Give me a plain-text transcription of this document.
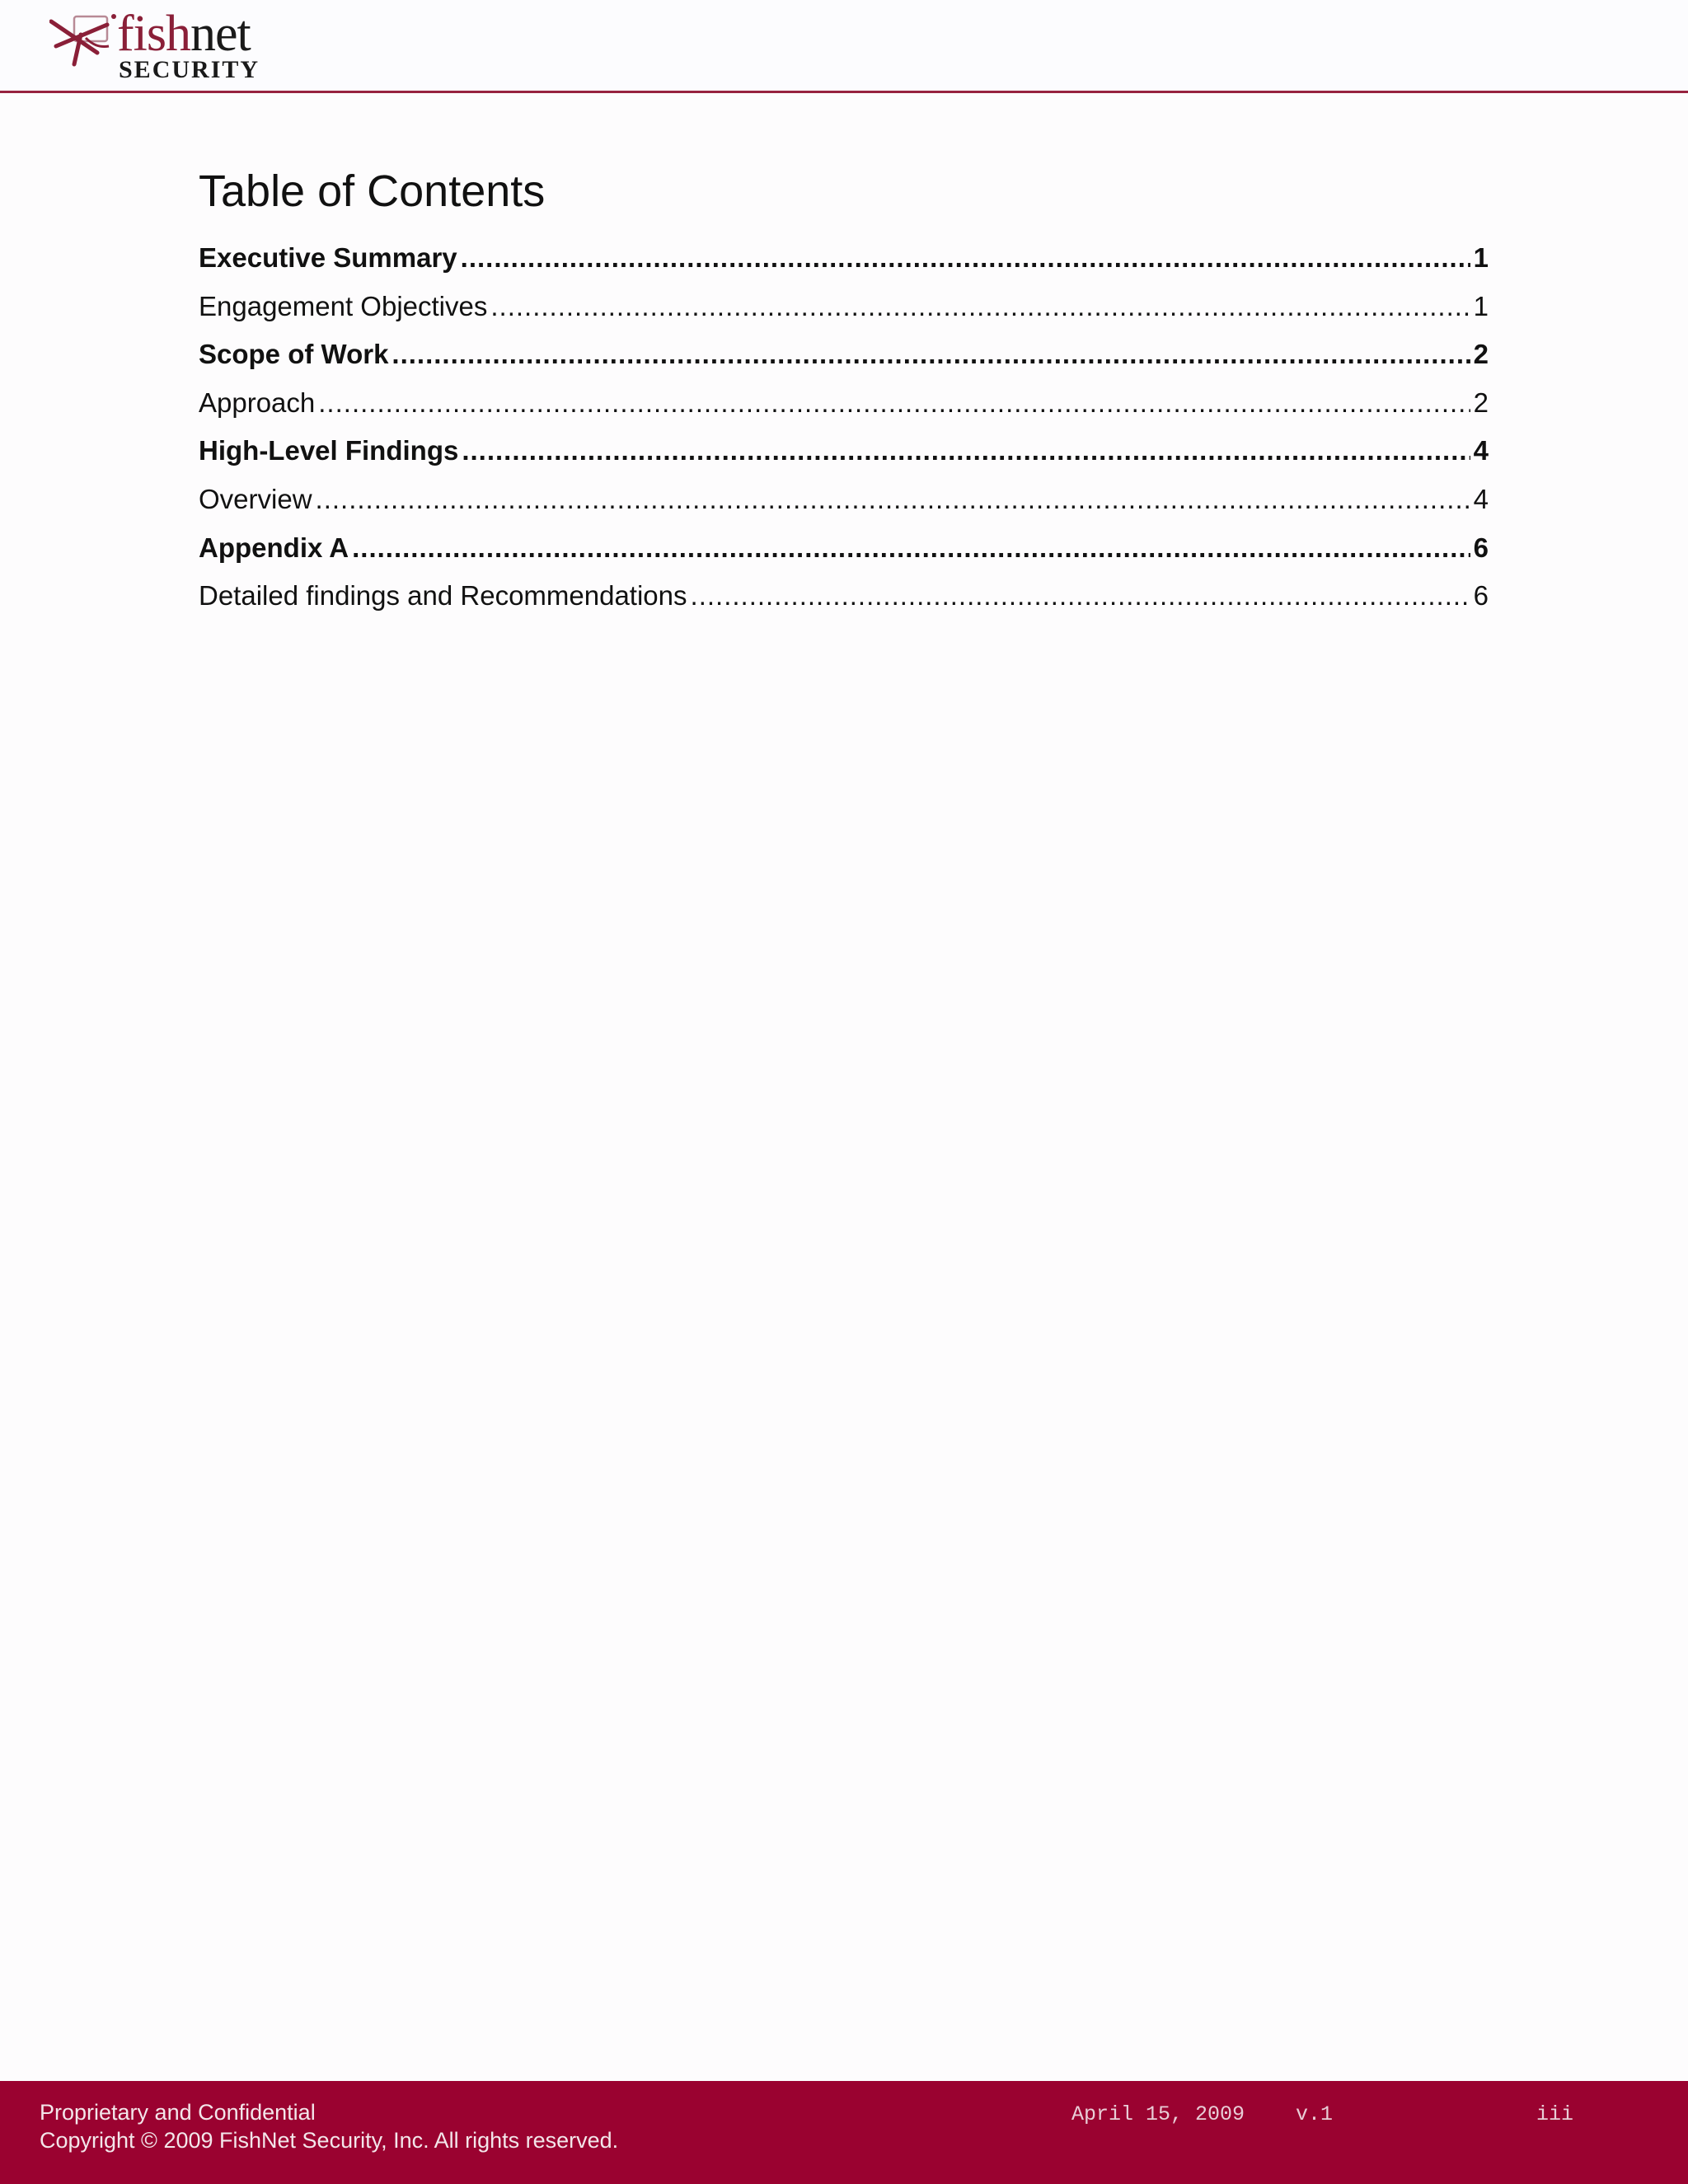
fishnet
SECURITY
Table of Contents
Executive Summary .....	1
Engagement Objectives .....	1
Scope of Work .....	2
Approach .....	2
High-Level Findings .....	4
Overview .....	4
Appendix A .....	6
Detailed findings and Recommendations .....	6
Proprietary and Confidential
Copyright © 2009 FishNet Security, Inc. All rights reserved.
April 15, 2009 v.1	iii
